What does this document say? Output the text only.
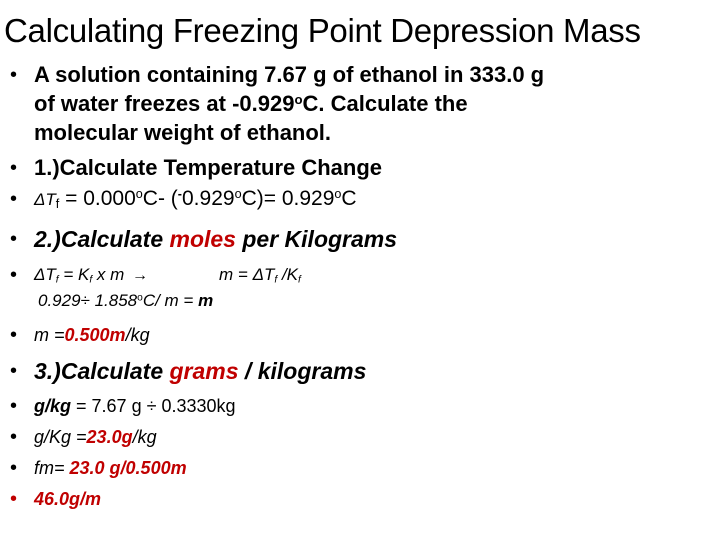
Calculating Freezing Point Depression Mass
• A solution containing 7.67 g of ethanol in 333.0 g
of water freezes at -0.929$^o$C. Calculate the
molecular weight of ethanol.
• 1.)Calculate Temperature Change
• $\Delta T_f = 0.000^oC-$ $(^-0.929^oC)= 0.929^oC$
• 2.)Calculate moles per Kilograms
• $\Delta T_f = K_f$ x m →	$m = \Delta T_f$ $/K_f$
$0.929\div 1.858^oC/$ m = m
• m =0.500m/kg
• 3.)Calculate grams / kilograms
• g/kg = 7.67 g ÷ 0.3330kg
• g/Kg =23.0g/kg
• fm= 23.0 g/0.500m
• 46.0g/m
